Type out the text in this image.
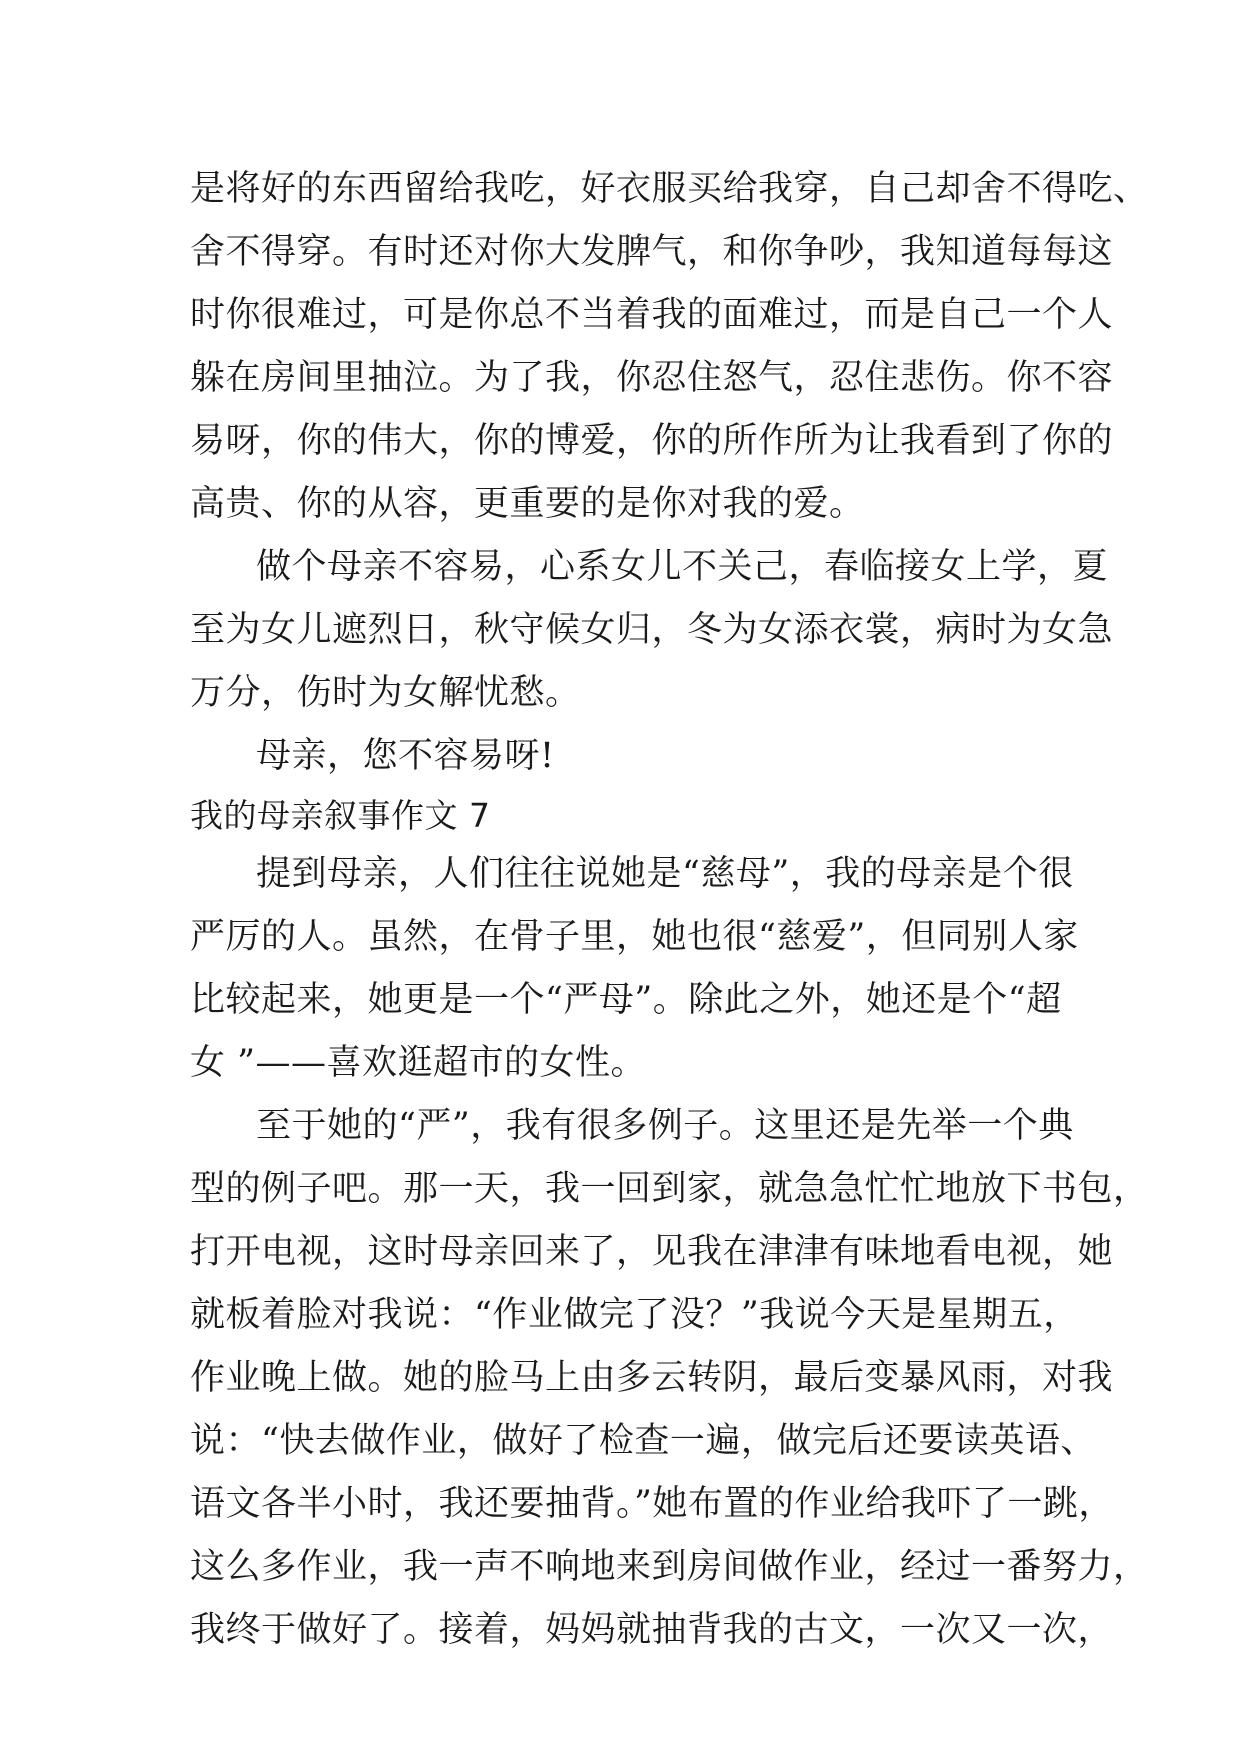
是将好的东西留给我吃，好衣服买给我穿，自己却舍不得吃、
舍不得穿。有时还对你大发脾气，和你争吵，我知道每每这
时你很难过，可是你总不当着我的面难过，而是自己一个人
躲在房间里抽泣。为了我，你忍住怒气，忍住悲伤。你不容
易呀，你的伟大，你的博爱，你的所作所为让我看到了你的
高贵、你的从容，更重要的是你对我的爱。
做个母亲不容易，心系女儿不关己，春临接女上学，夏
至为女儿遮烈日，秋守候女归，冬为女添衣裳，病时为女急
万分，伤时为女解忧愁。
母亲，您不容易呀!
我的母亲叙事作文 7
提到母亲，人们往往说她是“慈母”，我的母亲是个很
严厉的人。虽然，在骨子里，她也很“慈爱”，但同别人家
比较起来，她更是一个“严母”。除此之外，她还是个“超
女 ”——喜欢逛超市的女性。
至于她的“严”，我有很多例子。这里还是先举一个典
型的例子吧。那一天，我一回到家，就急急忙忙地放下书包，
打开电视，这时母亲回来了，见我在津津有味地看电视，她
就板着脸对我说：“作业做完了没？”我说今天是星期五，
作业晚上做。她的脸马上由多云转阴，最后变暴风雨，对我
说：“快去做作业，做好了检查一遍，做完后还要读英语、
语文各半小时，我还要抽背。”她布置的作业给我吓了一跳，
这么多作业，我一声不响地来到房间做作业，经过一番努力，
我终于做好了。接着，妈妈就抽背我的古文，一次又一次，
